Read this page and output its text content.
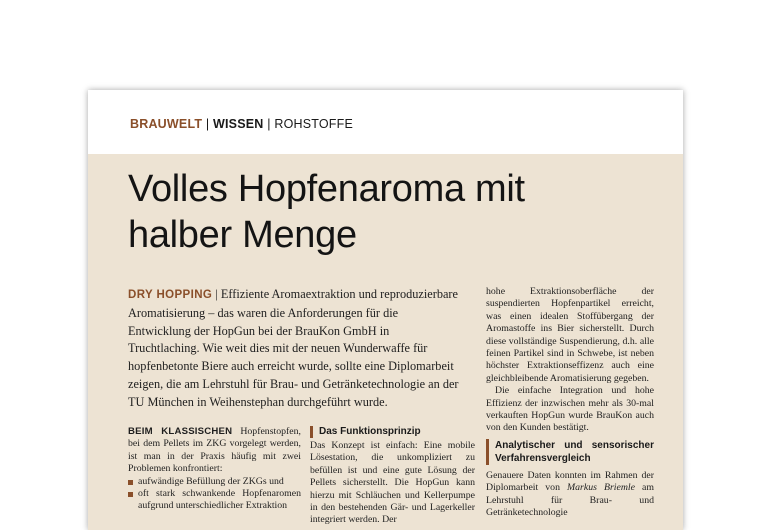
BRAUWELT | WISSEN | ROHSTOFFE
Volles Hopfenaroma mit
halber Menge
DRY HOPPING | Effiziente Aromaextraktion und reproduzierbare Aromatisierung – das waren die Anforderungen für die Entwicklung der HopGun bei der BrauKon GmbH in Truchtlaching. Wie weit dies mit der neuen Wunderwaffe für hopfenbetonte Biere auch erreicht wurde, sollte eine Diplomarbeit zeigen, die am Lehrstuhl für Brau- und Getränketechnologie an der TU München in Weihenstephan durchgeführt wurde.

BEIM KLASSISCHEN Hopfenstopfen, bei dem Pellets im ZKG vorgelegt werden, ist man in der Praxis häufig mit zwei Problemen konfrontiert:

aufwändige Befüllung der ZKGs und

oft stark schwankende Hopfenaromen aufgrund unterschiedlicher Extraktion

Das Funktionsprinzip

Das Konzept ist einfach: Eine mobile Lösestation, die unkompliziert zu befüllen ist und eine gute Lösung der Pellets sicherstellt. Die HopGun kann hierzu mit Schläuchen und Kellerpumpe in den bestehenden Gär- und Lagerkeller integriert werden. Der

hohe Extraktionsoberfläche der suspendierten Hopfenpartikel erreicht, was einen idealen Stoffübergang der Aromastoffe ins Bier sicherstellt. Durch diese vollständige Suspendierung, d.h. alle feinen Partikel sind in Schwebe, ist neben höchster Extraktionseffizenz auch eine gleichbleibende Aromatisierung gegeben.

Die einfache Integration und hohe Effizienz der inzwischen mehr als 30-mal verkauften HopGun wurde BrauKon auch von den Kunden bestätigt.

Analytischer und sensorischer Verfahrensvergleich

Genauere Daten konnten im Rahmen der Diplomarbeit von Markus Briemle am Lehrstuhl für Brau- und Getränketechnologie
